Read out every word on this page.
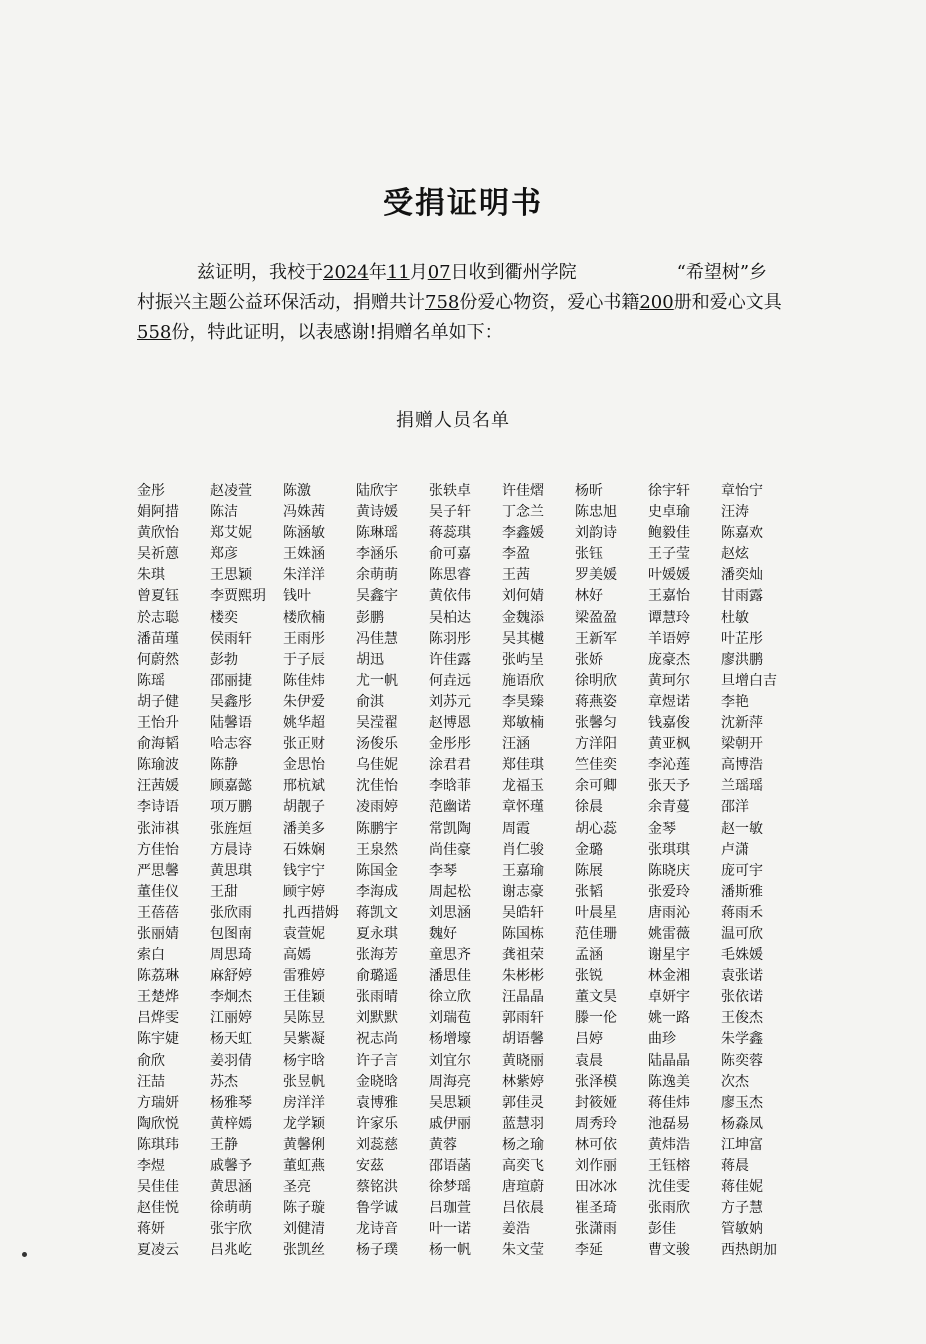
受捐证明书
兹证明，我校于2024年11月07日收到衢州学院	“希望树”乡村振兴主题公益环保活动，捐赠共计758份爱心物资，爱心书籍200册和爱心文具558份，特此证明，以表感谢!捐赠名单如下：
捐赠人员名单
金彤	赵凌萱	陈激	陆欣宇	张轶卓	许佳熠	杨昕	徐宇轩	章怡宁
娟阿措	陈洁	冯姝茜	黄诗媛	吴子轩	丁念兰	陈忠旭	史卓瑜	汪涛
黄欣怡	郑艾妮	陈涵敏	陈琳瑶	蒋蕊琪	李鑫媛	刘韵诗	鲍毅佳	陈嘉欢
吴祈蒽	郑彦	王姝涵	李涵乐	俞可嘉	李盈	张钰	王子莹	赵炫
朱琪	王思颖	朱洋洋	余萌萌	陈思睿	王茜	罗美媛	叶媛媛	潘奕灿
曾夏钰	李贾熙玥	钱叶	吴鑫宇	黄依伟	刘何婧	林好	王嘉怡	甘雨露
於志聪	楼奕	楼欣楠	彭鹏	吴柏达	金魏添	梁盈盈	谭慧玲	杜敏
潘苗瑾	侯雨轩	王雨彤	冯佳慧	陈羽彤	吴其樾	王新军	羊语婷	叶芷彤
何蔚然	彭勃	于子辰	胡迅	许佳露	张屿呈	张娇	庞豪杰	廖洪鹏
陈瑶	邵丽捷	陈佳炜	尤一帆	何垚远	施语欣	徐明欣	黄珂尔	旦增白吉
胡子健	吴鑫彤	朱伊爱	俞淇	刘苏元	李昊臻	蒋燕姿	章煜诺	李艳
王怡升	陆馨语	姚华超	吴滢翟	赵博恩	郑敏楠	张馨匀	钱嘉俊	沈新萍
俞海韬	哈志容	张正财	汤俊乐	金彤彤	汪涵	方洋阳	黄亚枫	梁朝开
陈瑜波	陈静	金思怡	乌佳妮	涂君君	郑佳琪	竺佳奕	李沁莲	高博浩
汪茜媛	顾嘉懿	邢杭斌	沈佳怡	李晗菲	龙福玉	余可卿	张天予	兰瑶瑶
李诗语	项万鹏	胡靓子	凌雨婷	范幽诺	章怀瑾	徐晨	余青蔓	邵洋
张沛祺	张旌烜	潘美多	陈鹏宇	常凯陶	周霞	胡心蕊	金琴	赵一敏
方佳怡	方晨诗	石姝娴	王泉然	尚佳豪	肖仁骏	金璐	张琪琪	卢潇
严思馨	黄思琪	钱宇宁	陈国金	李琴	王嘉瑜	陈展	陈晓庆	庞可宇
董佳仪	王甜	顾宇婷	李海成	周起松	谢志豪	张韬	张爱玲	潘斯雅
王蓓蓓	张欣雨	扎西措姆	蒋凯文	刘思涵	吴皓轩	叶晨星	唐雨沁	蒋雨禾
张丽婧	包图南	袁萱妮	夏永琪	魏好	陈国栋	范佳珊	姚雷薇	温可欣
索白	周思琦	高嫣	张海芳	童思齐	龚祖荣	孟涵	谢星宇	毛姝媛
陈荔琳	麻舒婷	雷雅婷	俞璐遥	潘思佳	朱彬彬	张锐	林金湘	袁张诺
王楚烨	李炯杰	王佳颖	张雨晴	徐立欣	汪晶晶	董文昊	卓妍宇	张依诺
吕烨雯	江丽婷	吴陈昱	刘默默	刘瑞苞	郭雨轩	滕一伦	姚一路	王俊杰
陈宇婕	杨天虹	吴紫凝	祝志尚	杨增壕	胡语馨	吕婷	曲珍	朱学鑫
俞欣	姜羽倩	杨宇晗	许子言	刘宜尔	黄晓丽	袁晨	陆晶晶	陈奕蓉
汪喆	苏杰	张昱帆	金晓晗	周海亮	林紫婷	张泽模	陈逸美	次杰
方瑞妍	杨雅琴	房洋洋	袁博雅	吴思颖	郭佳灵	封筱娅	蒋佳炜	廖玉杰
陶欣悦	黄梓嫣	龙学颖	许家乐	戚伊丽	蓝慧羽	周秀玲	池磊易	杨淼凤
陈琪玮	王静	黄馨俐	刘蕊慈	黄蓉	杨之瑜	林可依	黄炜浩	江坤富
李煜	戚馨予	董虹燕	安茲	邵语菡	高奕飞	刘作丽	王钰榕	蒋晨
吴佳佳	黄思涵	圣亮	蔡铭洪	徐梦瑶	唐瑄蔚	田冰冰	沈佳雯	蒋佳妮
赵佳悦	徐萌萌	陈子璇	鲁学诚	吕珈萱	吕依晨	崔圣琦	张雨欣	方子慧
蒋妍	张宇欣	刘健清	龙诗音	叶一诺	姜浩	张潇雨	彭佳	管敏妠
夏凌云	吕兆屹	张凯丝	杨子璞	杨一帆	朱文莹	李延	曹文骏	西热朗加
